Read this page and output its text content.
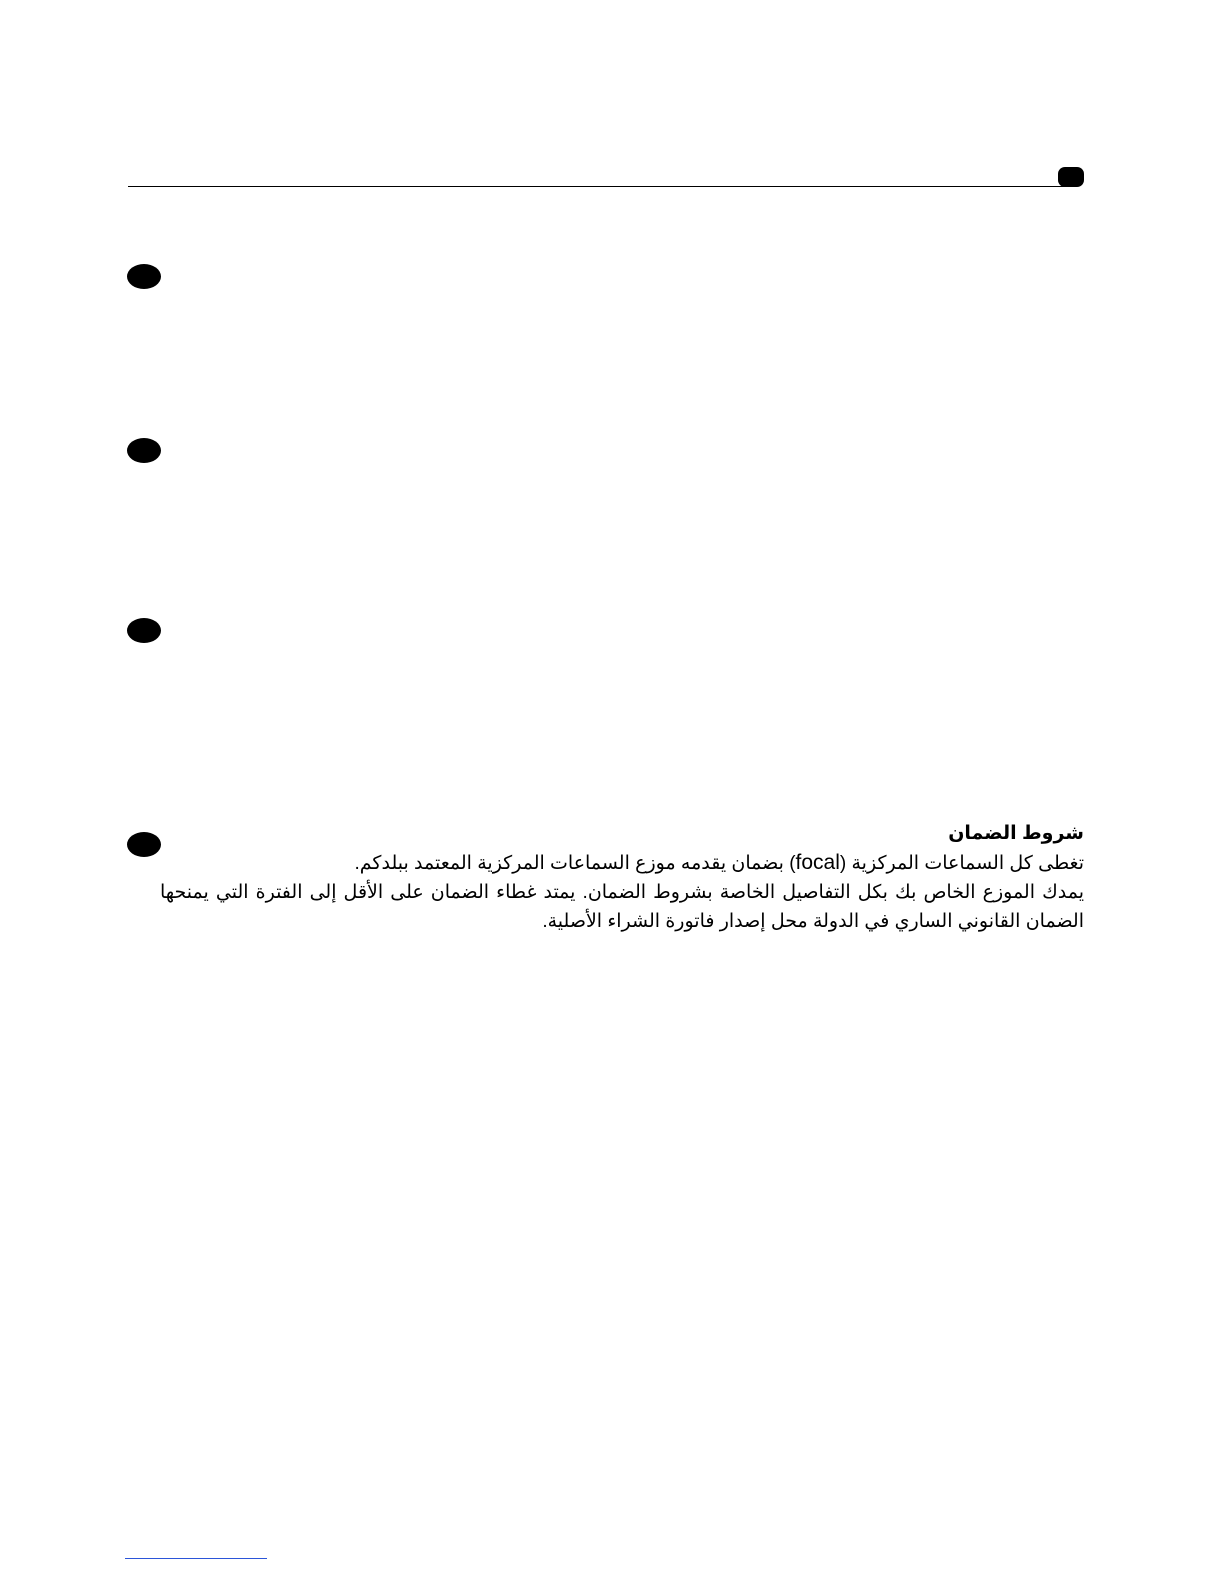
شروط الضمان

تغطى كل السماعات المركزية (focal) بضمان يقدمه موزع السماعات المركزية المعتمد ببلدكم.

يمدك الموزع الخاص بك بكل التفاصيل الخاصة بشروط الضمان. يمتد غطاء الضمان على الأقل إلى الفترة التي يمنحها

الضمان القانوني الساري في الدولة محل إصدار فاتورة الشراء الأصلية.
